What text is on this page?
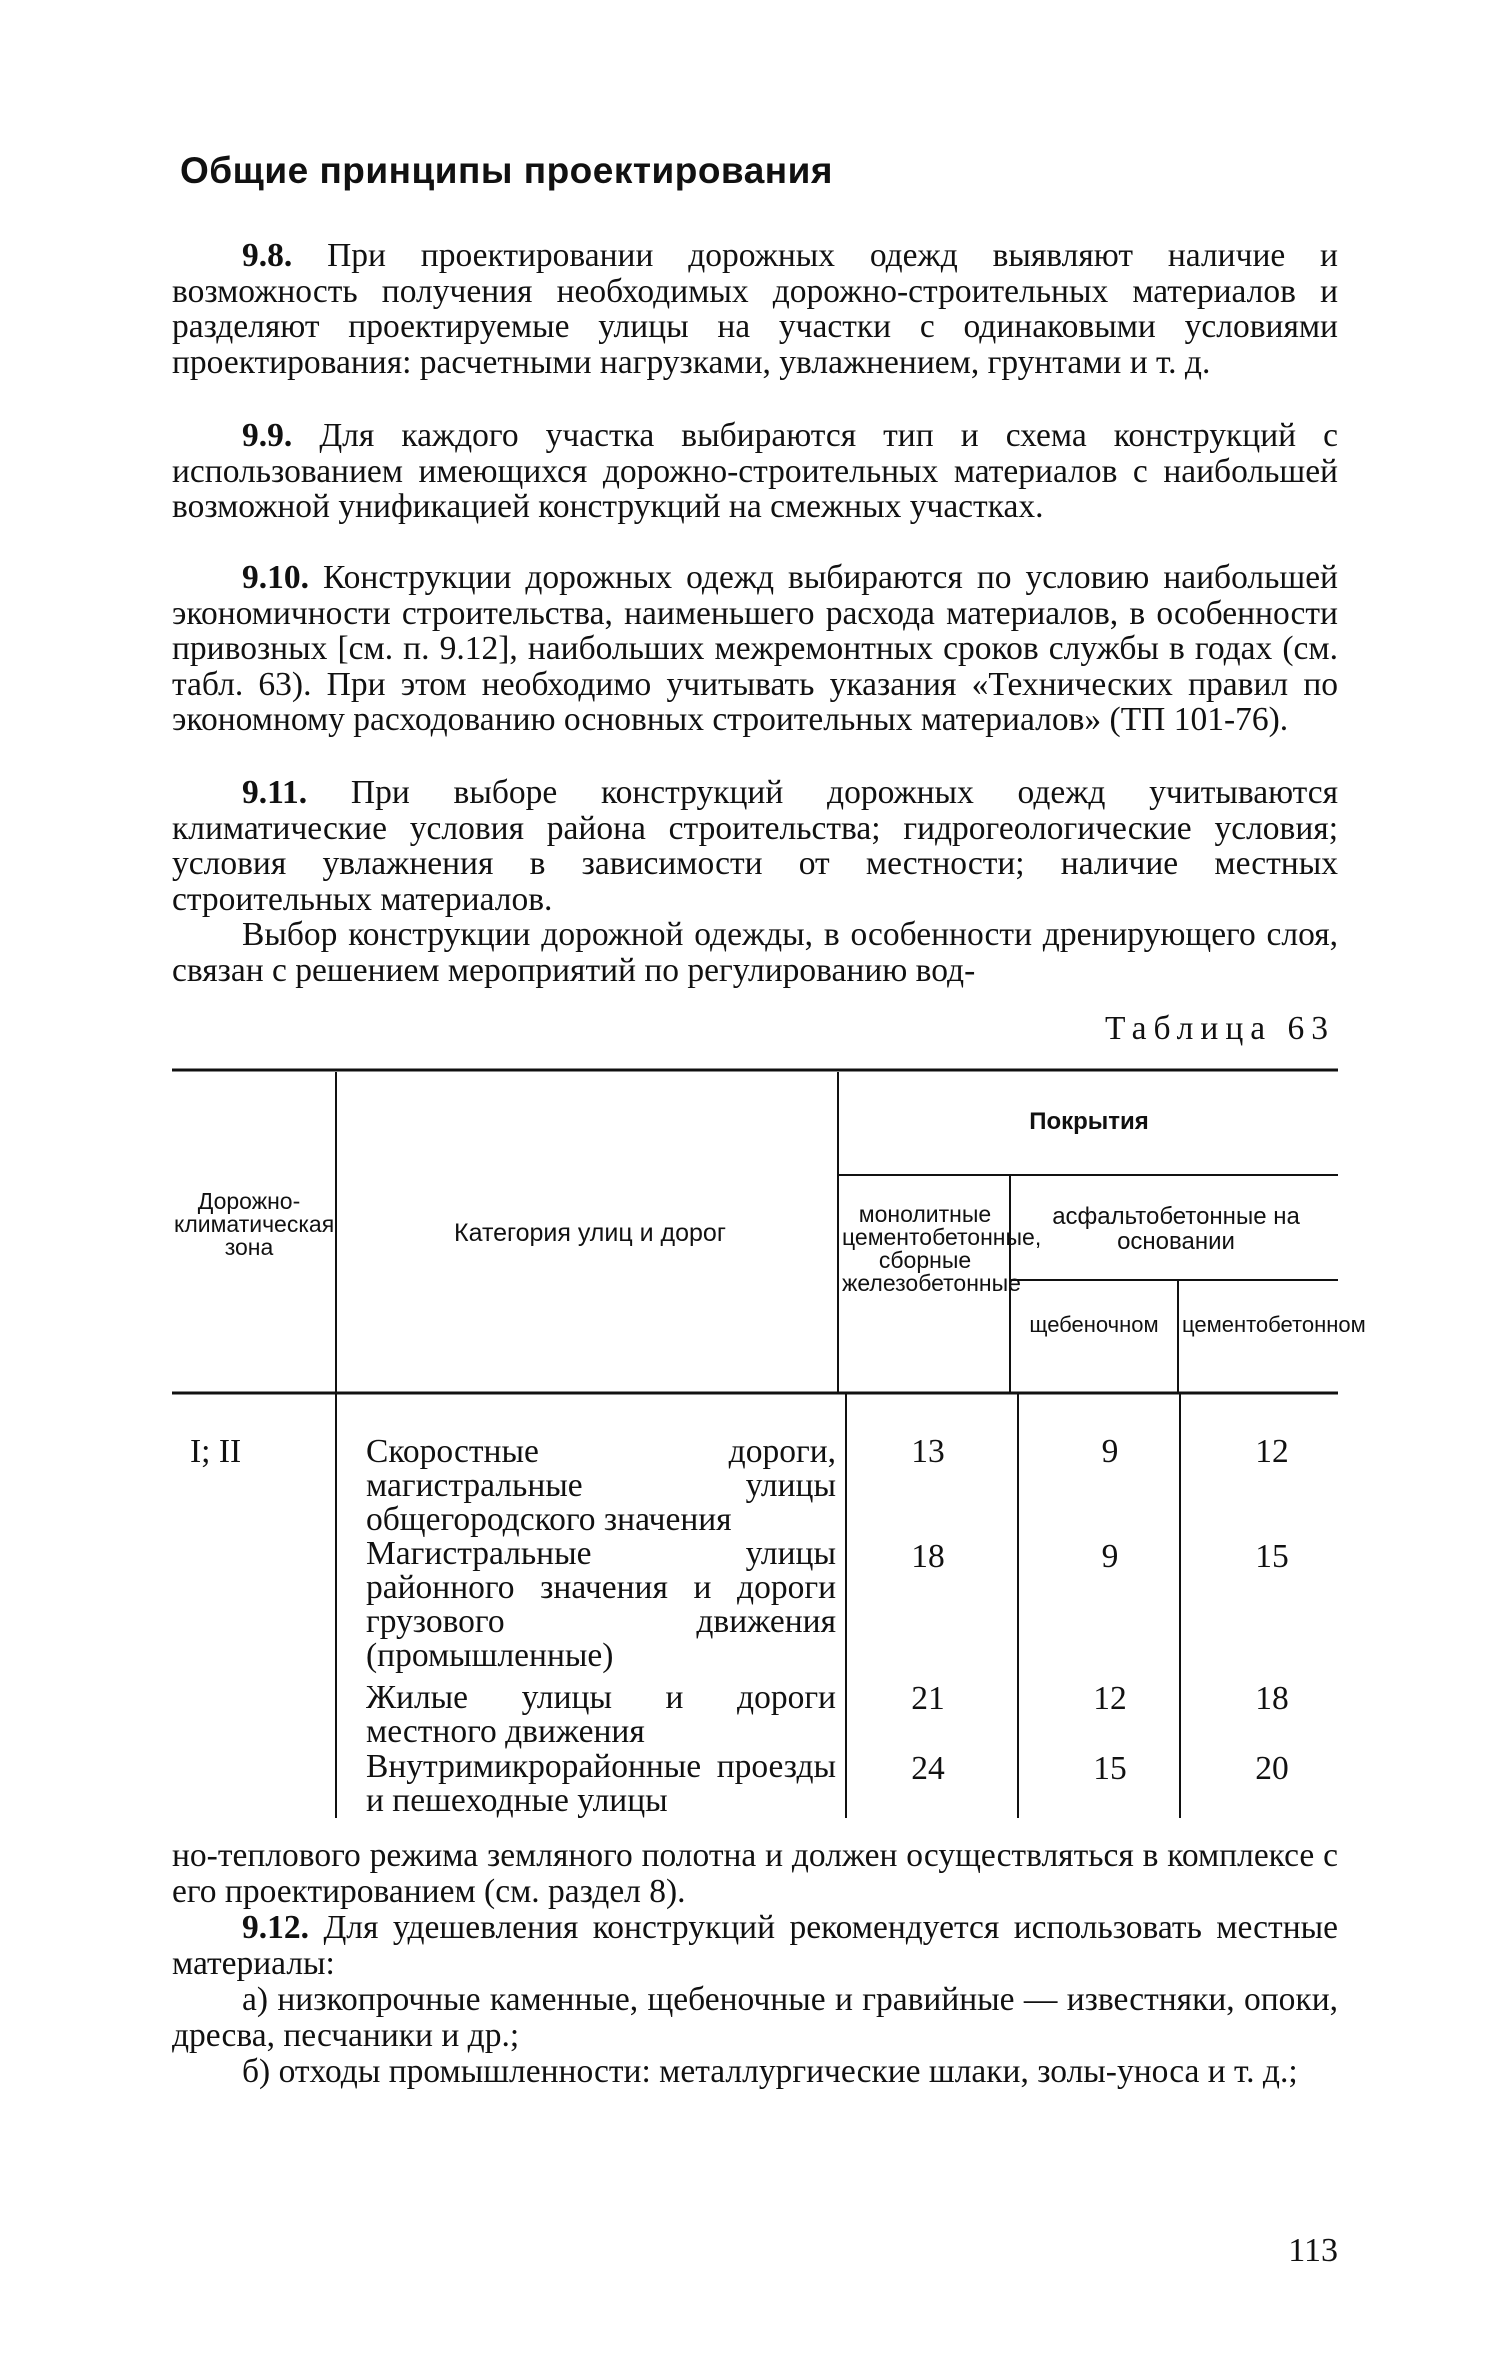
Общие принципы проектирования

9.8. При проектировании дорожных одежд выявляют наличие и возможность получения необходимых дорожно-строительных материалов и разделяют проектируемые улицы на участки с одинаковыми условиями проектирования: расчетными нагрузками, увлажнением, грунтами и т. д.

9.9. Для каждого участка выбираются тип и схема конструкций с использованием имеющихся дорожно-строительных материалов с наибольшей возможной унификацией конструкций на смежных участках.

9.10. Конструкции дорожных одежд выбираются по условию наибольшей экономичности строительства, наименьшего расхода материалов, в особенности привозных [см. п. 9.12], наибольших межремонтных сроков службы в годах (см. табл. 63). При этом необходимо учитывать указания «Технических правил по экономному расходованию основных строительных материалов» (ТП 101-76).

9.11. При выборе конструкций дорожных одежд учитываются климатические условия района строительства; гидрогеологические условия; условия увлажнения в зависимости от местности; наличие местных строительных материалов.

Выбор конструкции дорожной одежды, в особенности дренирующего слоя, связан с решением мероприятий по регулированию вод-

Таблица 63
Дорожно-климатическая зона	Категория улиц и дорог
Покрытия
монолитные цементобетонные, сборные железобетонные
асфальтобетонные на основании
щебеночном	цементобетонном
I; II	Скоростные дороги, магистральные улицы общегородского значения
13	9	12
Магистральные улицы районного значения и дороги грузового движения (промышленные)
18	9	15
Жилые улицы и дороги местного движения
21	12	18
Внутримикрорайонные проезды и пешеходные улицы
24	15	20

но-теплового режима земляного полотна и должен осуществляться в комплексе с его проектированием (см. раздел 8).

9.12. Для удешевления конструкций рекомендуется использовать местные материалы:

а) низкопрочные каменные, щебеночные и гравийные — известняки, опоки, дресва, песчаники и др.;

б) отходы промышленности: металлургические шлаки, золы-уноса и т. д.;

113
